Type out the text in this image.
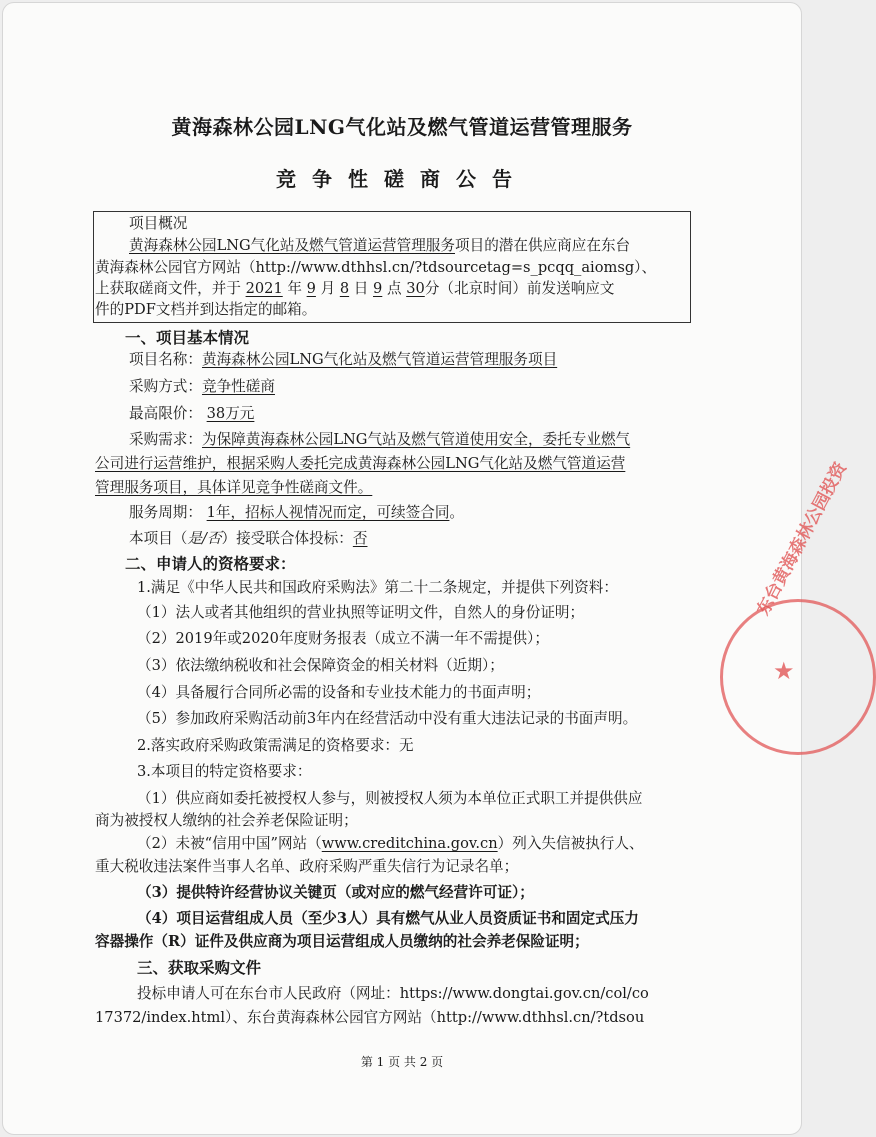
黄海森林公园LNG气化站及燃气管道运营管理服务
竞争性磋商公告
项目概况
黄海森林公园LNG气化站及燃气管道运营管理服务项目的潜在供应商应在东台
黄海森林公园官方网站（http://www.dthhsl.cn/?tdsourcetag=s_pcqq_aiomsg）、
上获取磋商文件，并于 2021 年 9 月 8 日 9 点 30分（北京时间）前发送响应文
件的PDF文档并到达指定的邮箱。
一、项目基本情况
项目名称：黄海森林公园LNG气化站及燃气管道运营管理服务项目
采购方式：竞争性磋商
最高限价： 38万元
采购需求：为保障黄海森林公园LNG气站及燃气管道使用安全，委托专业燃气
公司进行运营维护，根据采购人委托完成黄海森林公园LNG气化站及燃气管道运营
管理服务项目，具体详见竞争性磋商文件。
服务周期： 1年，招标人视情况而定，可续签合同。
本项目（是/否）接受联合体投标：否
二、申请人的资格要求：
1.满足《中华人民共和国政府采购法》第二十二条规定，并提供下列资料：
（1）法人或者其他组织的营业执照等证明文件，自然人的身份证明；
（2）2019年或2020年度财务报表（成立不满一年不需提供）；
（3）依法缴纳税收和社会保障资金的相关材料（近期）；
（4）具备履行合同所必需的设备和专业技术能力的书面声明；
（5）参加政府采购活动前3年内在经营活动中没有重大违法记录的书面声明。
2.落实政府采购政策需满足的资格要求：无
3.本项目的特定资格要求：
（1）供应商如委托被授权人参与，则被授权人须为本单位正式职工并提供供应
商为被授权人缴纳的社会养老保险证明；
（2）未被“信用中国”网站（www.creditchina.gov.cn）列入失信被执行人、
重大税收违法案件当事人名单、政府采购严重失信行为记录名单；
（3）提供特许经营协议关键页（或对应的燃气经营许可证）；
（4）项目运营组成人员（至少3人）具有燃气从业人员资质证书和固定式压力
容器操作（R）证件及供应商为项目运营组成人员缴纳的社会养老保险证明；
三、获取采购文件
投标申请人可在东台市人民政府（网址：https://www.dongtai.gov.cn/col/co
17372/index.html）、东台黄海森林公园官方网站（http://www.dthhsl.cn/?tdsou
第 1 页 共 2 页
东台黄海森林公园投资
★
